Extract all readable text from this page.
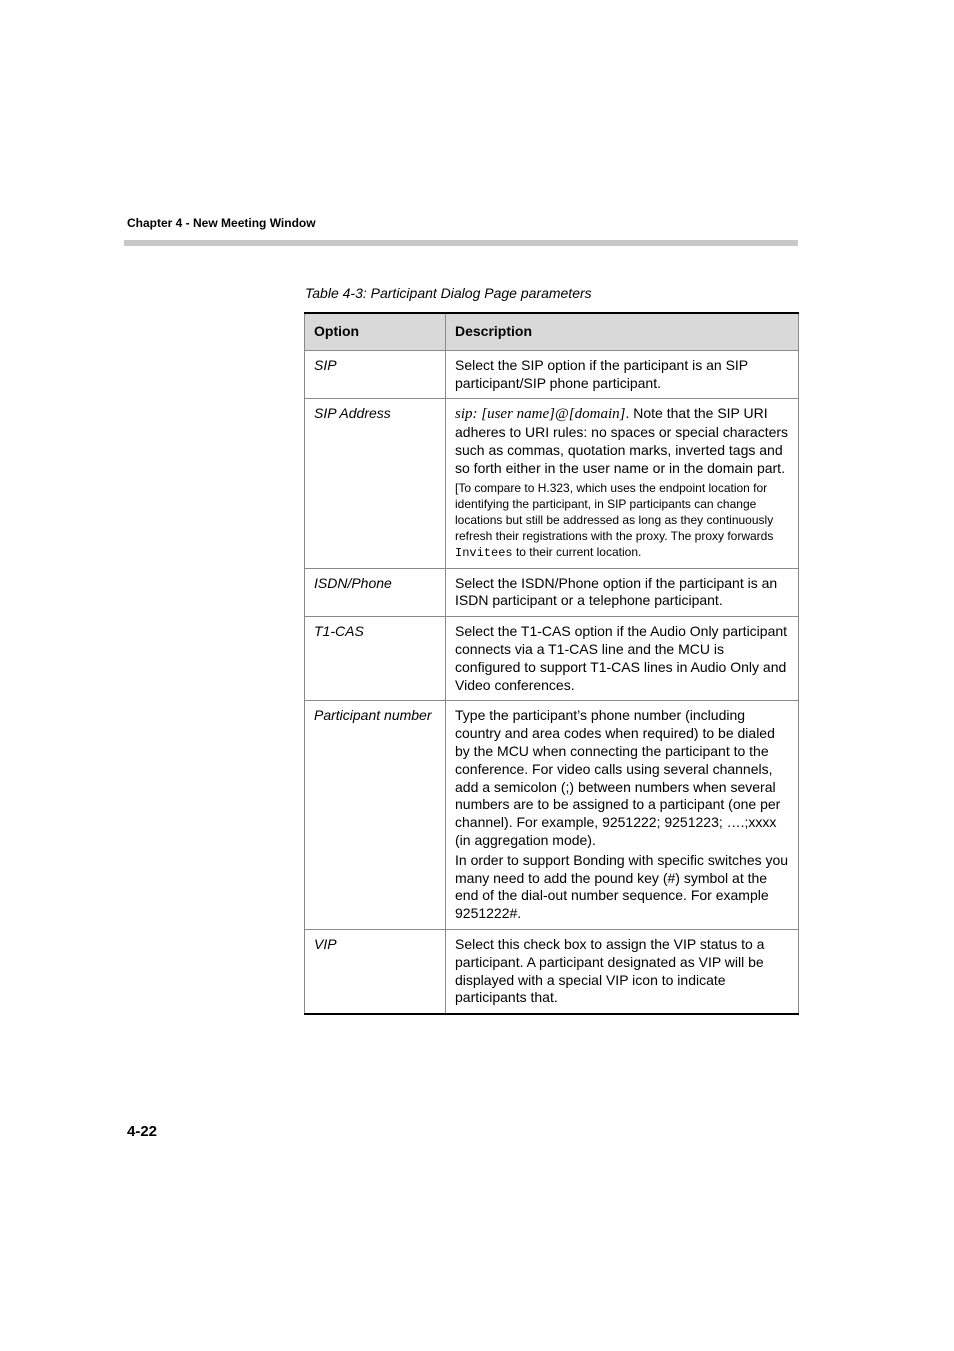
Chapter 4 - New Meeting Window
Table 4-3: Participant Dialog Page parameters
Option	Description
SIP	Select the SIP option if the participant is an SIP participant/SIP phone participant.
SIP Address	sip: [user name]@[domain]. Note that the SIP URI adheres to URI rules: no spaces or special characters such as commas, quotation marks, inverted tags and so forth either in the user name or in the domain part.
[To compare to H.323, which uses the endpoint location for identifying the participant, in SIP participants can change locations but still be addressed as long as they continuously refresh their registrations with the proxy. The proxy forwards Invitees to their current location.

ISDN/Phone	Select the ISDN/Phone option if the participant is an ISDN participant or a telephone participant.
T1-CAS	Select the T1-CAS option if the Audio Only participant connects via a T1-CAS line and the MCU is configured to support T1-CAS lines in Audio Only and Video conferences.
Participant number	Type the participant’s phone number (including country and area codes when required) to be dialed by the MCU when connecting the participant to the conference. For video calls using several channels, add a semicolon (;) between numbers when several numbers are to be assigned to a participant (one per channel). For example, 9251222; 9251223; ….;xxxx (in aggregation mode).
In order to support Bonding with specific switches you many need to add the pound key (#) symbol at the end of the dial-out number sequence. For example 9251222#.

VIP	Select this check box to assign the VIP status to a participant. A participant designated as VIP will be displayed with a special VIP icon to indicate participants that.
4-22
